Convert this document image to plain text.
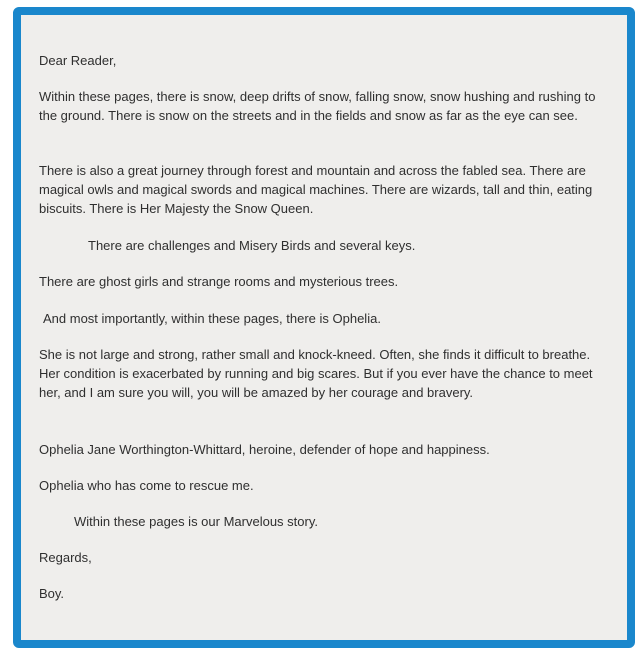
Dear Reader,

Within these pages, there is snow, deep drifts of snow, falling snow, snow hushing and rushing to the ground. There is snow on the streets and in the fields and snow as far as the eye can see.

There is also a great journey through forest and mountain and across the fabled sea. There are magical owls and magical swords and magical machines. There are wizards, tall and thin, eating biscuits. There is Her Majesty the Snow Queen.

There are challenges and Misery Birds and several keys.

There are ghost girls and strange rooms and mysterious trees.

And most importantly, within these pages, there is Ophelia.

She is not large and strong, rather small and knock-kneed. Often, she finds it difficult to breathe. Her condition is exacerbated by running and big scares. But if you ever have the chance to meet her, and I am sure you will, you will be amazed by her courage and bravery.

Ophelia Jane Worthington-Whittard, heroine, defender of hope and happiness.

Ophelia who has come to rescue me.

Within these pages is our Marvelous story.

Regards,

Boy.
